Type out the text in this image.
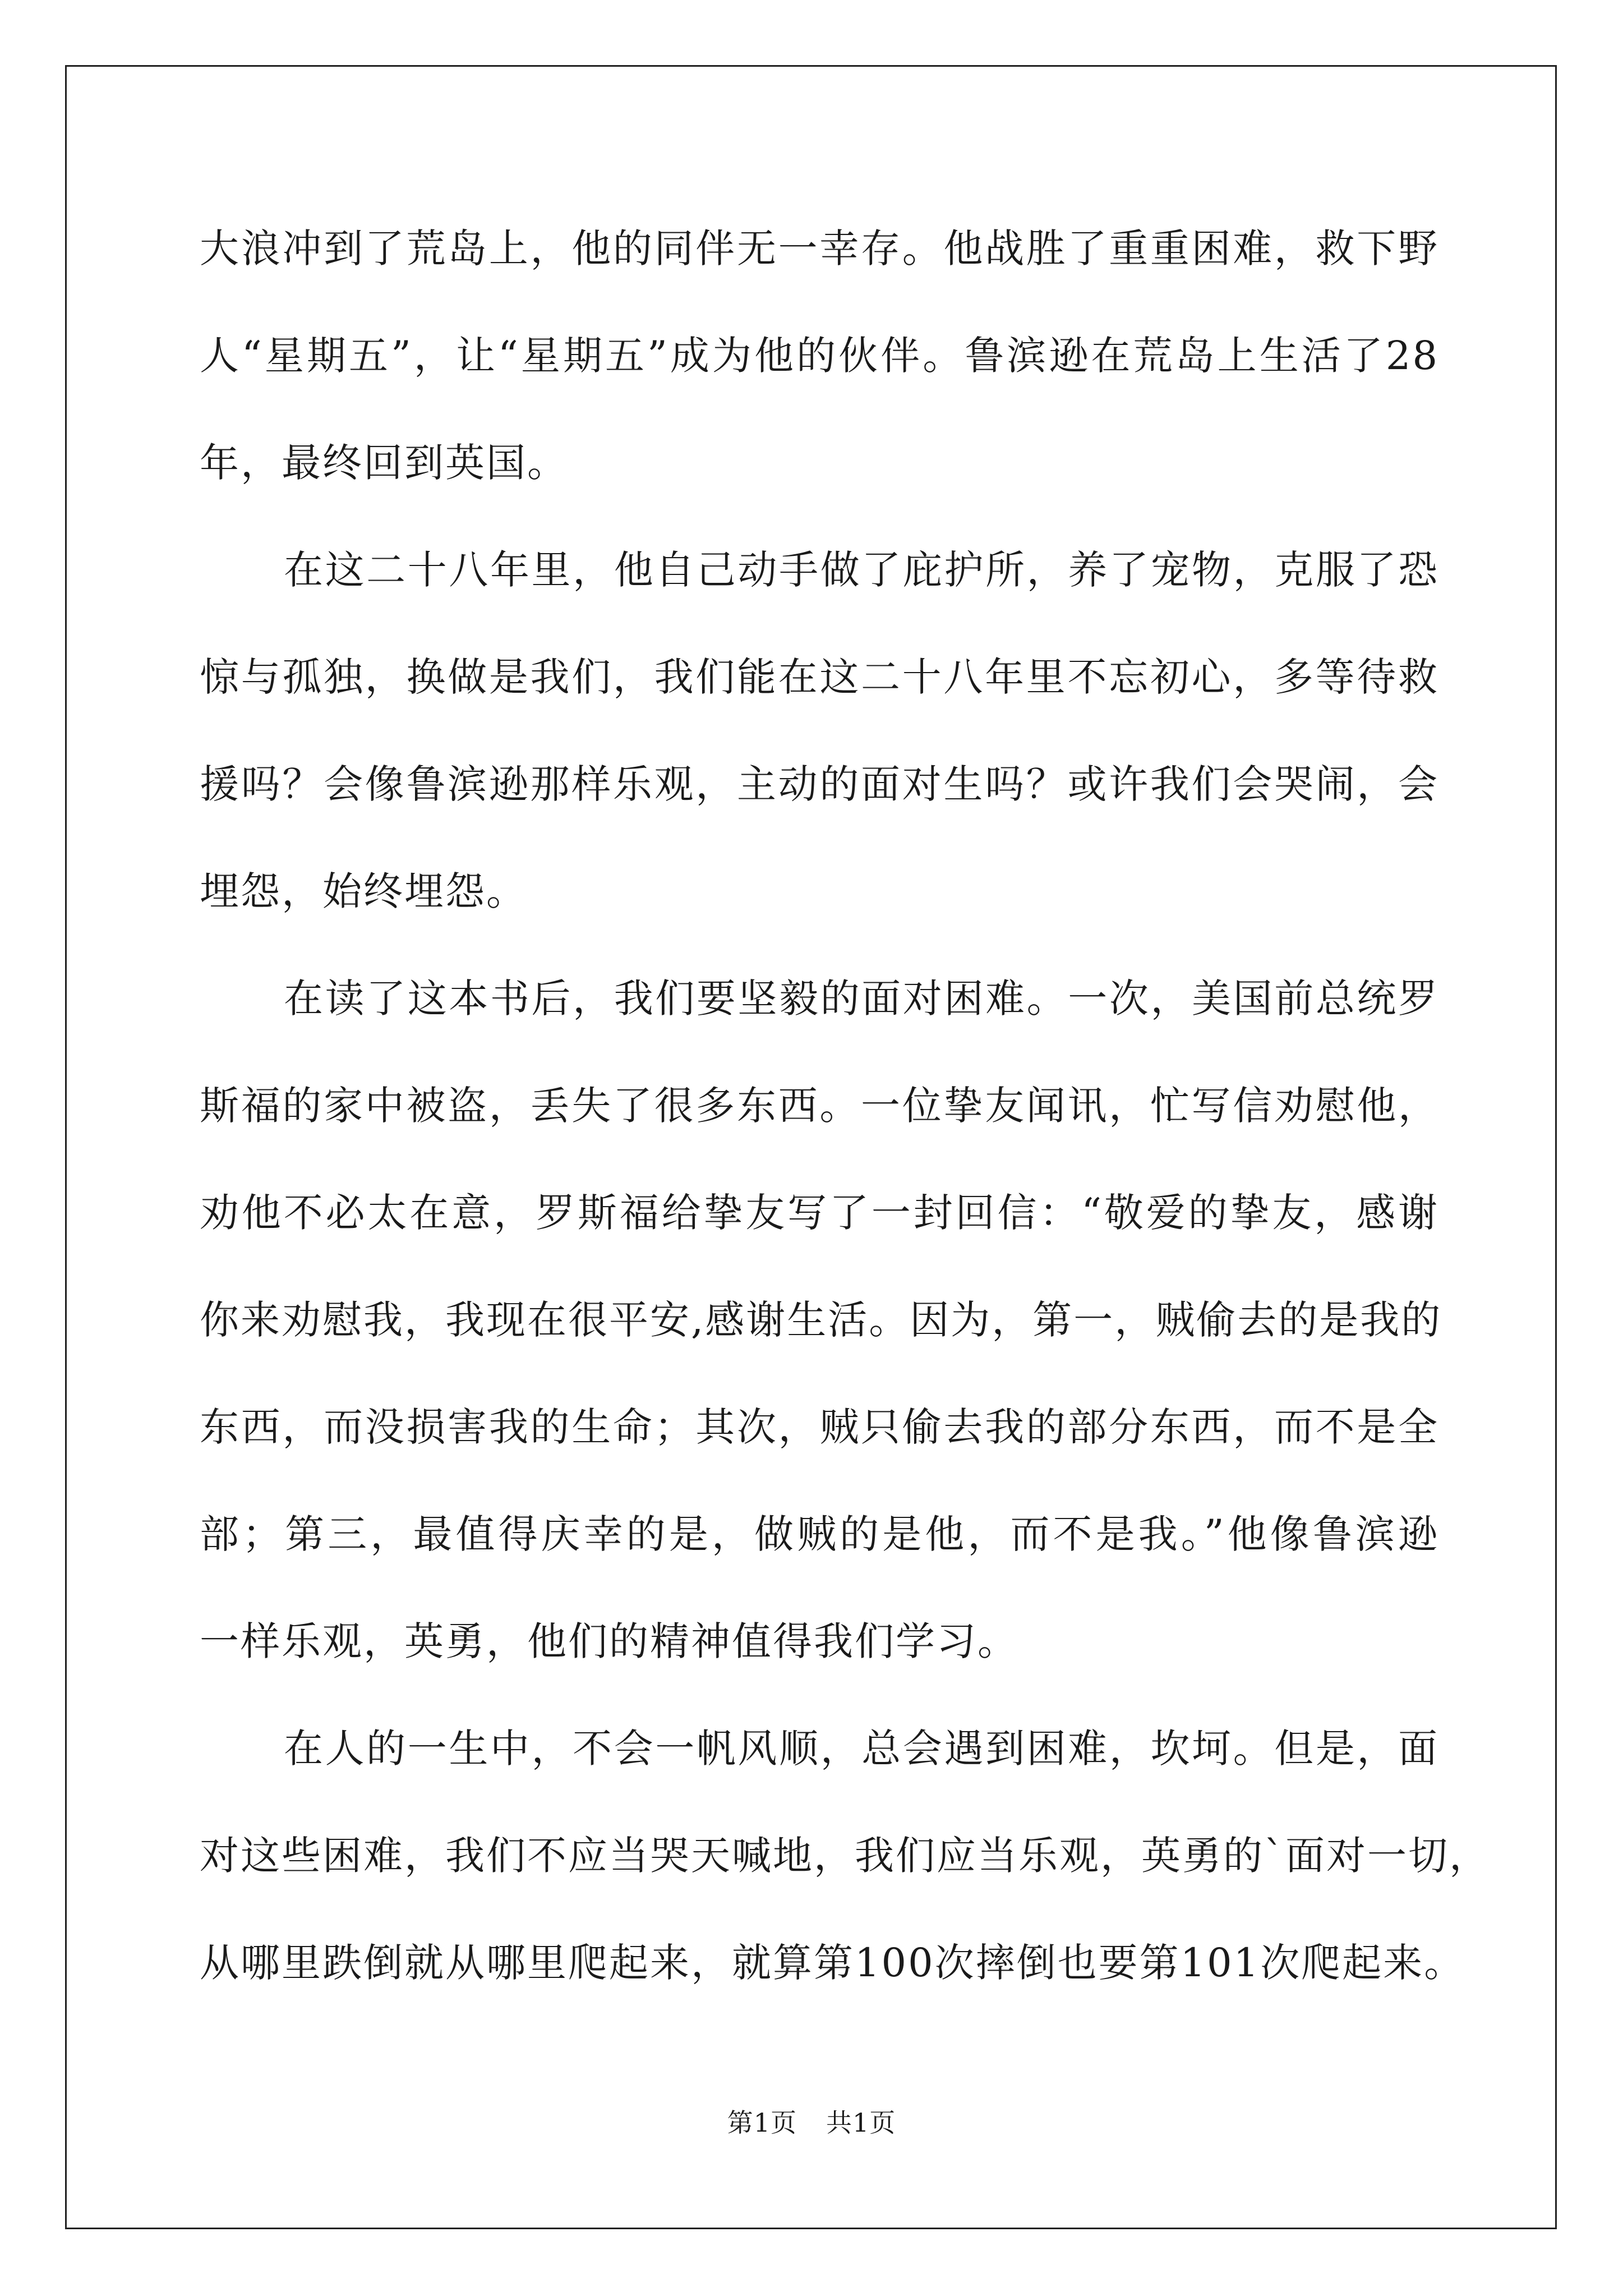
大浪冲到了荒岛上，他的同伴无一幸存。他战胜了重重困难，救下野
人“星期五”，让“星期五”成为他的伙伴。鲁滨逊在荒岛上生活了28
年，最终回到英国。
在这二十八年里，他自己动手做了庇护所，养了宠物，克服了恐
惊与孤独，换做是我们，我们能在这二十八年里不忘初心，多等待救
援吗？会像鲁滨逊那样乐观，主动的面对生吗？或许我们会哭闹，会
埋怨，始终埋怨。
在读了这本书后，我们要坚毅的面对困难。一次，美国前总统罗
斯福的家中被盗，丢失了很多东西。一位挚友闻讯，忙写信劝慰他，
劝他不必太在意，罗斯福给挚友写了一封回信：“敬爱的挚友，感谢
你来劝慰我，我现在很平安,感谢生活。因为，第一，贼偷去的是我的
东西，而没损害我的生命；其次，贼只偷去我的部分东西，而不是全
部；第三，最值得庆幸的是，做贼的是他，而不是我。”他像鲁滨逊
一样乐观，英勇，他们的精神值得我们学习。
在人的一生中，不会一帆风顺，总会遇到困难，坎坷。但是，面
对这些困难，我们不应当哭天喊地，我们应当乐观，英勇的`面对一切，
从哪里跌倒就从哪里爬起来，就算第100次摔倒也要第101次爬起来。
第1页 共1页
